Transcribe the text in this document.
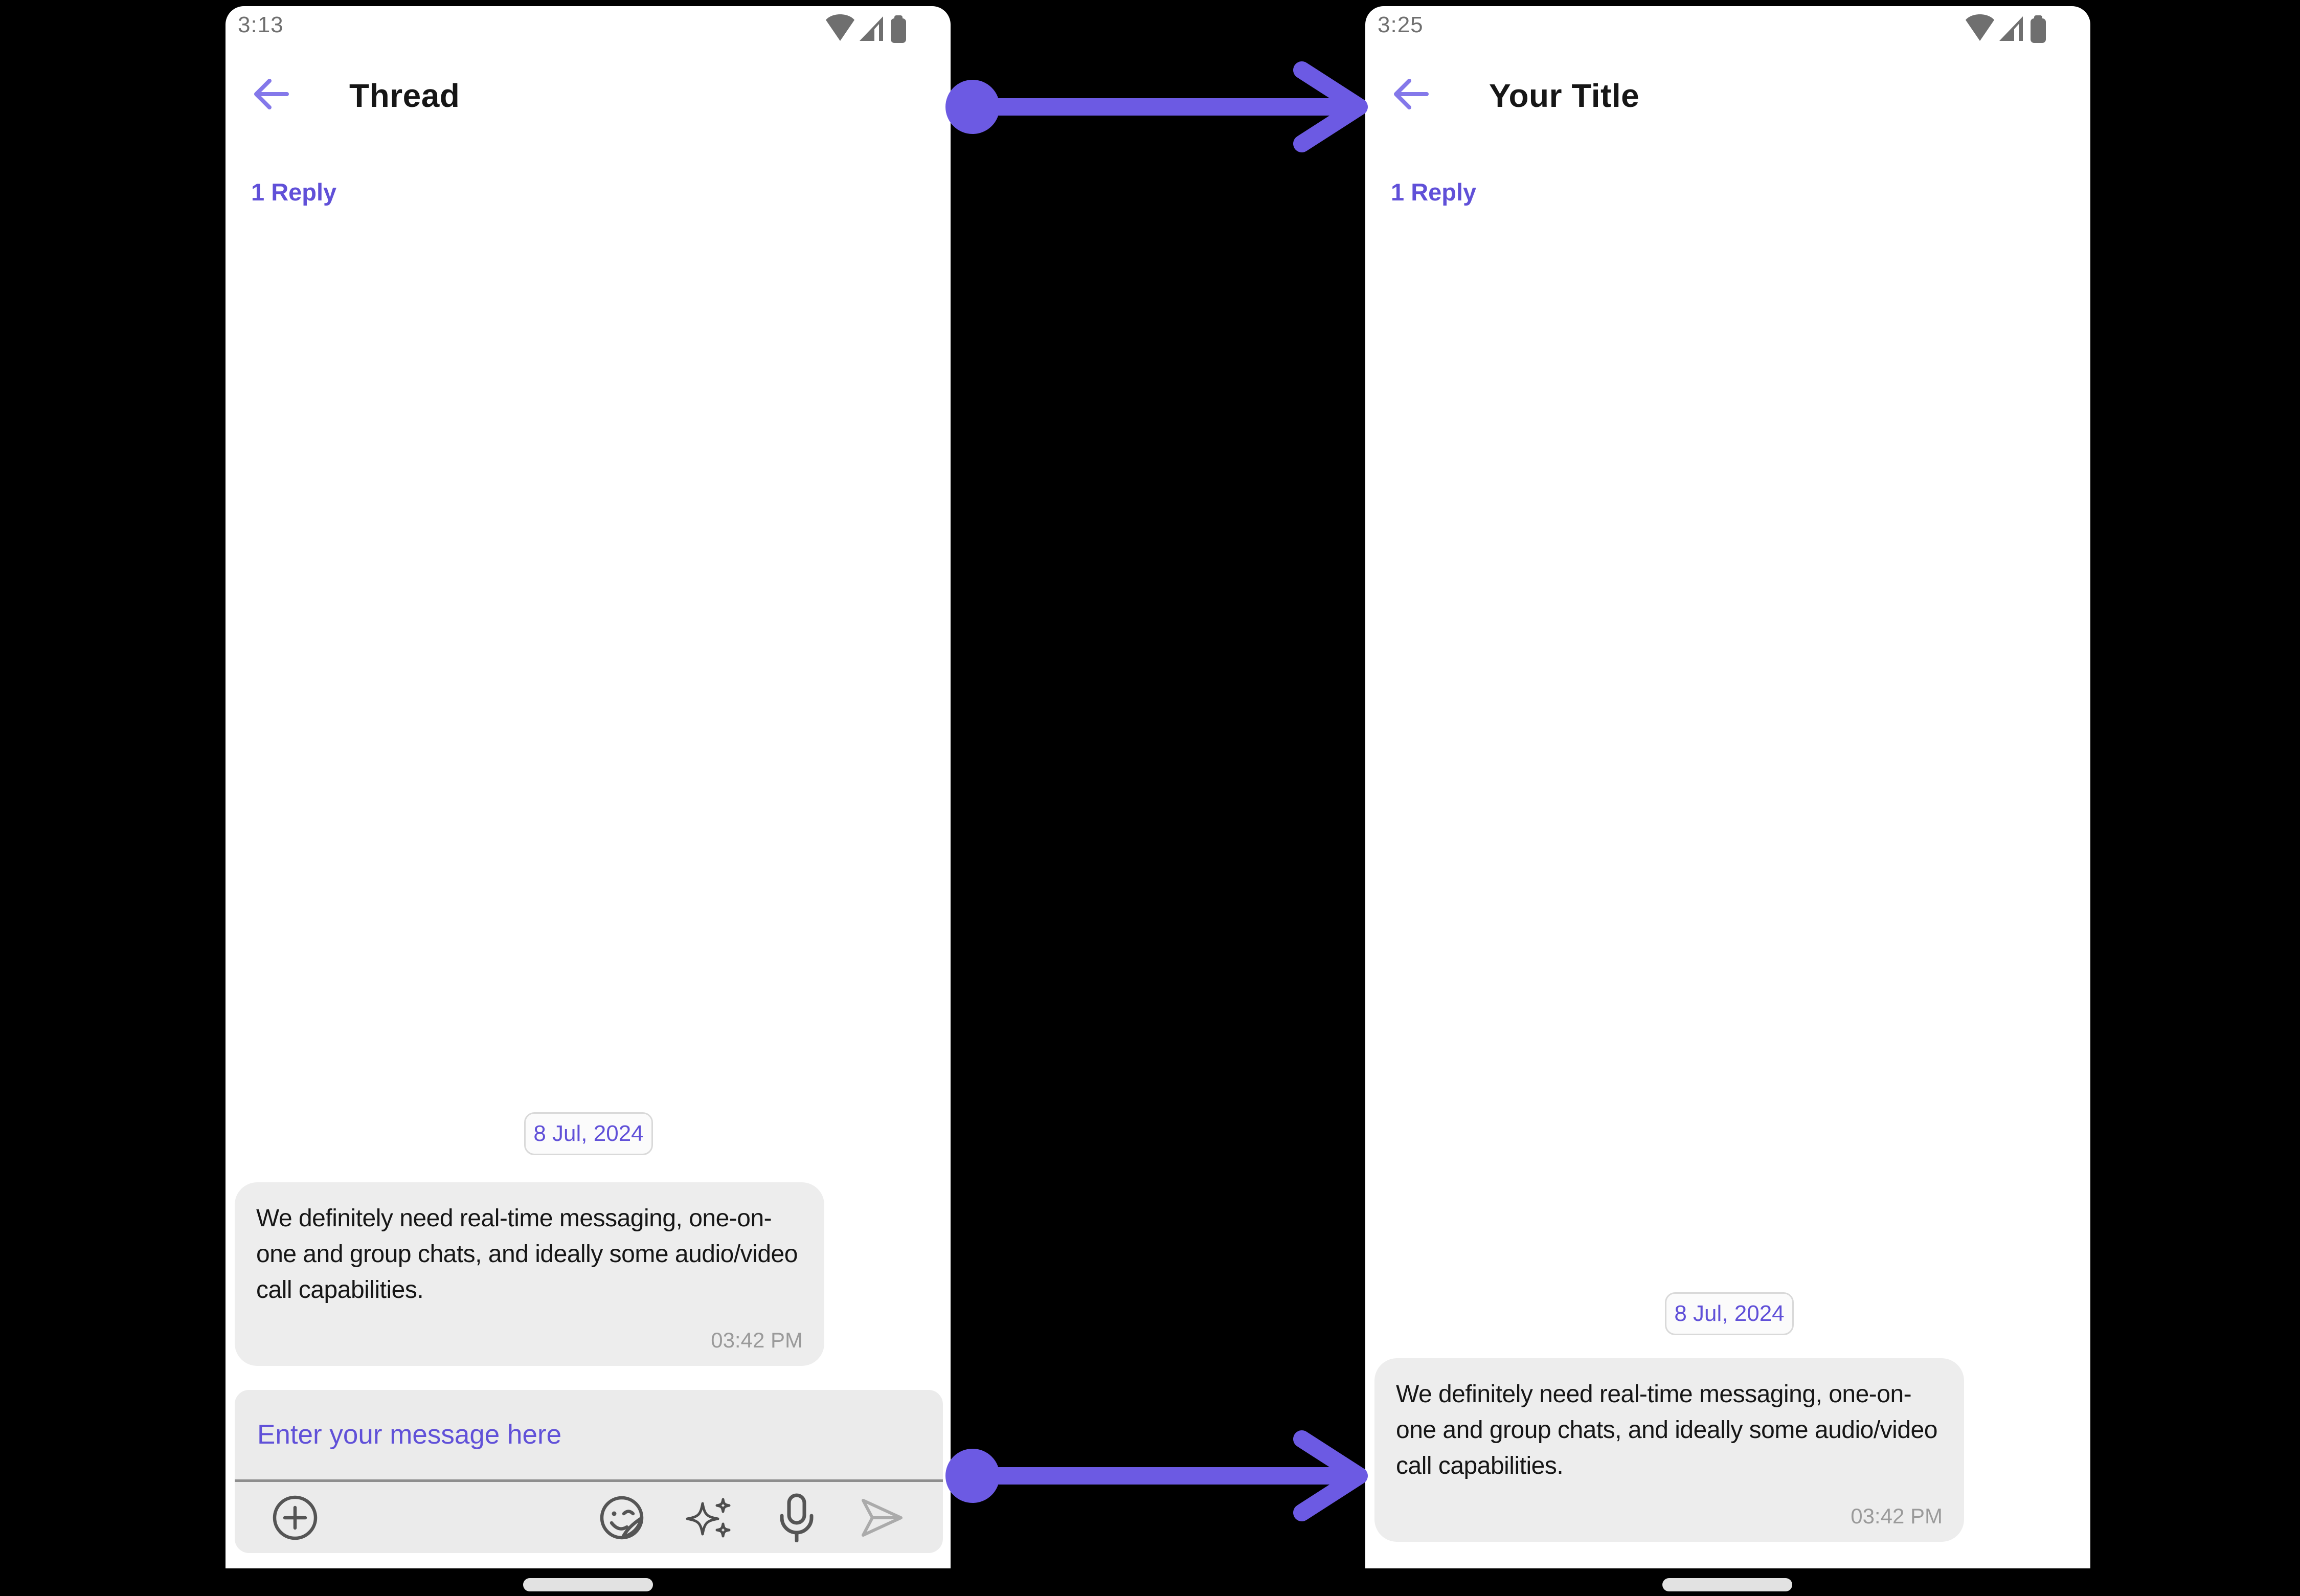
3:13
Thread
1 Reply
8 Jul, 2024
We definitely need real-time messaging, one-on-one and group chats, and ideally some audio/video call capabilities.
03:42 PM
Enter your message here
3:25
Your Title
1 Reply
8 Jul, 2024
We definitely need real-time messaging, one-on-one and group chats, and ideally some audio/video call capabilities.
03:42 PM
